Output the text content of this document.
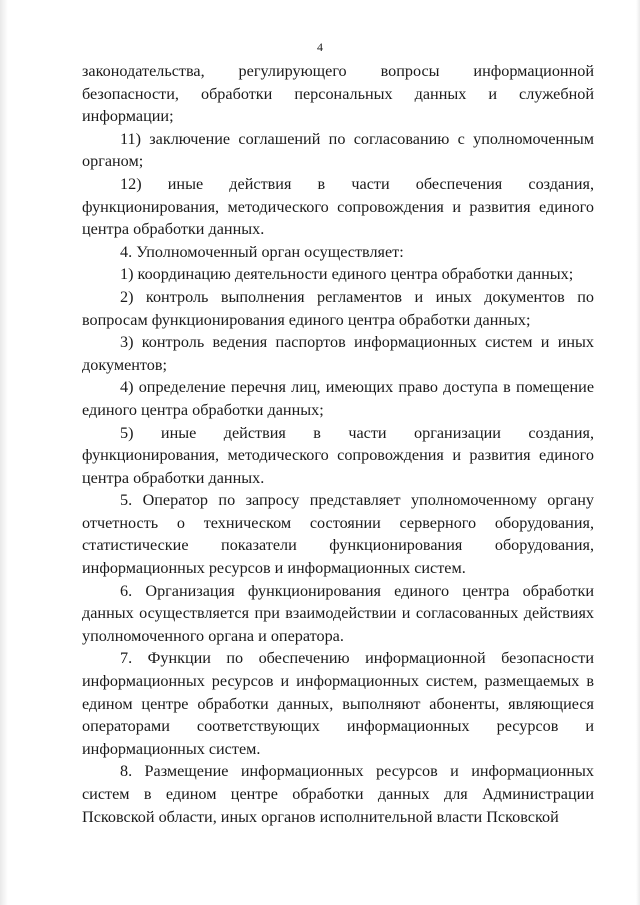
4

законодательства, регулирующего вопросы информационной безопасности, обработки персональных данных и служебной информации;

11) заключение соглашений по согласованию с уполномоченным органом;

12) иные действия в части обеспечения создания, функционирования, методического сопровождения и развития единого центра обработки данных.

4. Уполномоченный орган осуществляет:

1) координацию деятельности единого центра обработки данных;

2) контроль выполнения регламентов и иных документов по вопросам функционирования единого центра обработки данных;

3) контроль ведения паспортов информационных систем и иных документов;

4) определение перечня лиц, имеющих право доступа в помещение единого центра обработки данных;

5) иные действия в части организации создания, функционирования, методического сопровождения и развития единого центра обработки данных.

5. Оператор по запросу представляет уполномоченному органу отчетность о техническом состоянии серверного оборудования, статистические показатели функционирования оборудования, информационных ресурсов и информационных систем.

6. Организация функционирования единого центра обработки данных осуществляется при взаимодействии и согласованных действиях уполномоченного органа и оператора.

7. Функции по обеспечению информационной безопасности информационных ресурсов и информационных систем, размещаемых в едином центре обработки данных, выполняют абоненты, являющиеся операторами соответствующих информационных ресурсов и информационных систем.

8. Размещение информационных ресурсов и информационных систем в едином центре обработки данных для Администрации Псковской области, иных органов исполнительной власти Псковской
